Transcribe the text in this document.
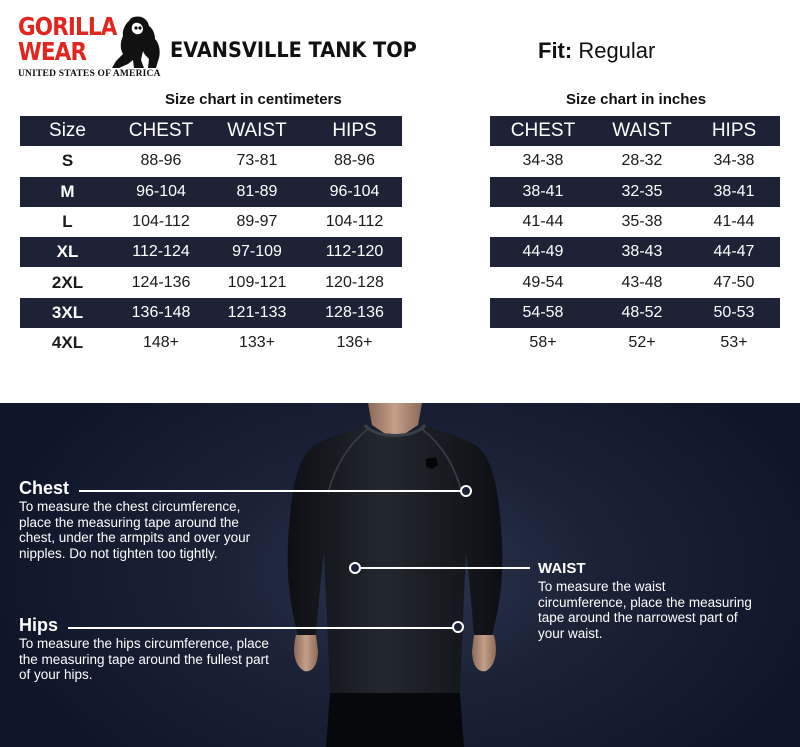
GORILLA
WEAR
UNITED STATES OF AMERICA
EVANSVILLE TANK TOP	Fit: Regular
Size chart in centimeters	Size chart in inches
Size	CHEST	WAIST	HIPS
S	88-96	73-81	88-96
M	96-104	81-89	96-104
L	104-112	89-97	104-112
XL	112-124	97-109	112-120
2XL	124-136	109-121	120-128
3XL	136-148	121-133	128-136
4XL	148+	133+	136+
CHEST	WAIST	HIPS
34-38	28-32	34-38
38-41	32-35	38-41
41-44	35-38	41-44
44-49	38-43	44-47
49-54	43-48	47-50
54-58	48-52	50-53
58+	52+	53+
Chest
To measure the chest circumference, place the measuring tape around the chest, under the armpits and over your nipples. Do not tighten too tightly.
WAIST
To measure the waist circumference, place the measuring tape around the narrowest part of your waist.
Hips
To measure the hips circumference, place the measuring tape around the fullest part of your hips.
